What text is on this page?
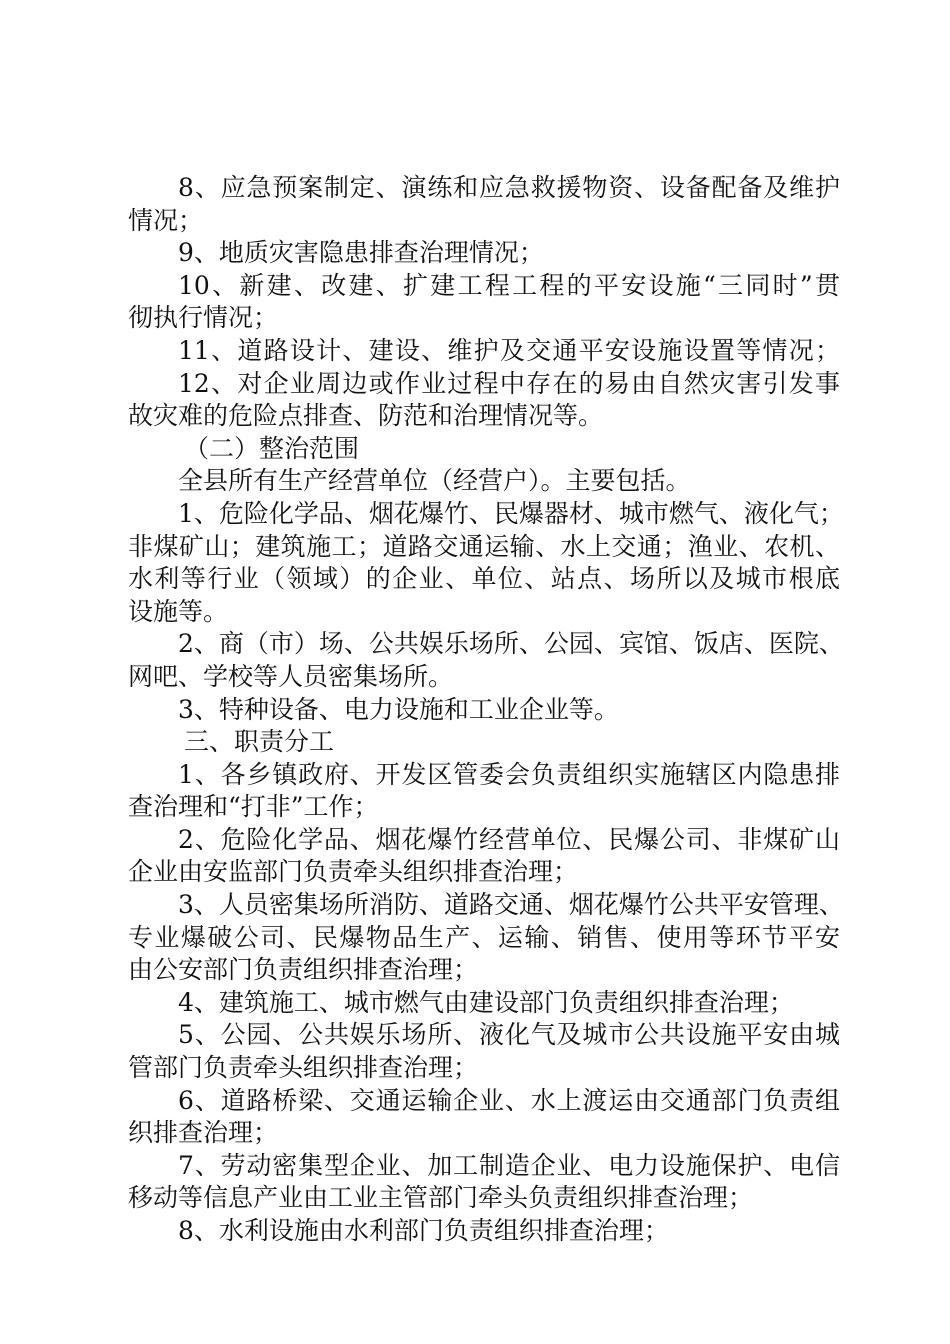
8、应急预案制定、演练和应急救援物资、设备配备及维护
情况；
9、地质灾害隐患排查治理情况；
10、新建、改建、扩建工程工程的平安设施“三同时”贯
彻执行情况；
11、道路设计、建设、维护及交通平安设施设置等情况；
12、对企业周边或作业过程中存在的易由自然灾害引发事
故灾难的危险点排查、防范和治理情况等。
（二）整治范围
全县所有生产经营单位（经营户）。主要包括。
1、危险化学品、烟花爆竹、民爆器材、城市燃气、液化气；
非煤矿山；建筑施工；道路交通运输、水上交通；渔业、农机、
水利等行业（领域）的企业、单位、站点、场所以及城市根底
设施等。
2、商（市）场、公共娱乐场所、公园、宾馆、饭店、医院、
网吧、学校等人员密集场所。
3、特种设备、电力设施和工业企业等。
三、职责分工
1、各乡镇政府、开发区管委会负责组织实施辖区内隐患排
查治理和“打非”工作；
2、危险化学品、烟花爆竹经营单位、民爆公司、非煤矿山
企业由安监部门负责牵头组织排查治理；
3、人员密集场所消防、道路交通、烟花爆竹公共平安管理、
专业爆破公司、民爆物品生产、运输、销售、使用等环节平安
由公安部门负责组织排查治理；
4、建筑施工、城市燃气由建设部门负责组织排查治理；
5、公园、公共娱乐场所、液化气及城市公共设施平安由城
管部门负责牵头组织排查治理；
6、道路桥梁、交通运输企业、水上渡运由交通部门负责组
织排查治理；
7、劳动密集型企业、加工制造企业、电力设施保护、电信
移动等信息产业由工业主管部门牵头负责组织排查治理；
8、水利设施由水利部门负责组织排查治理；
